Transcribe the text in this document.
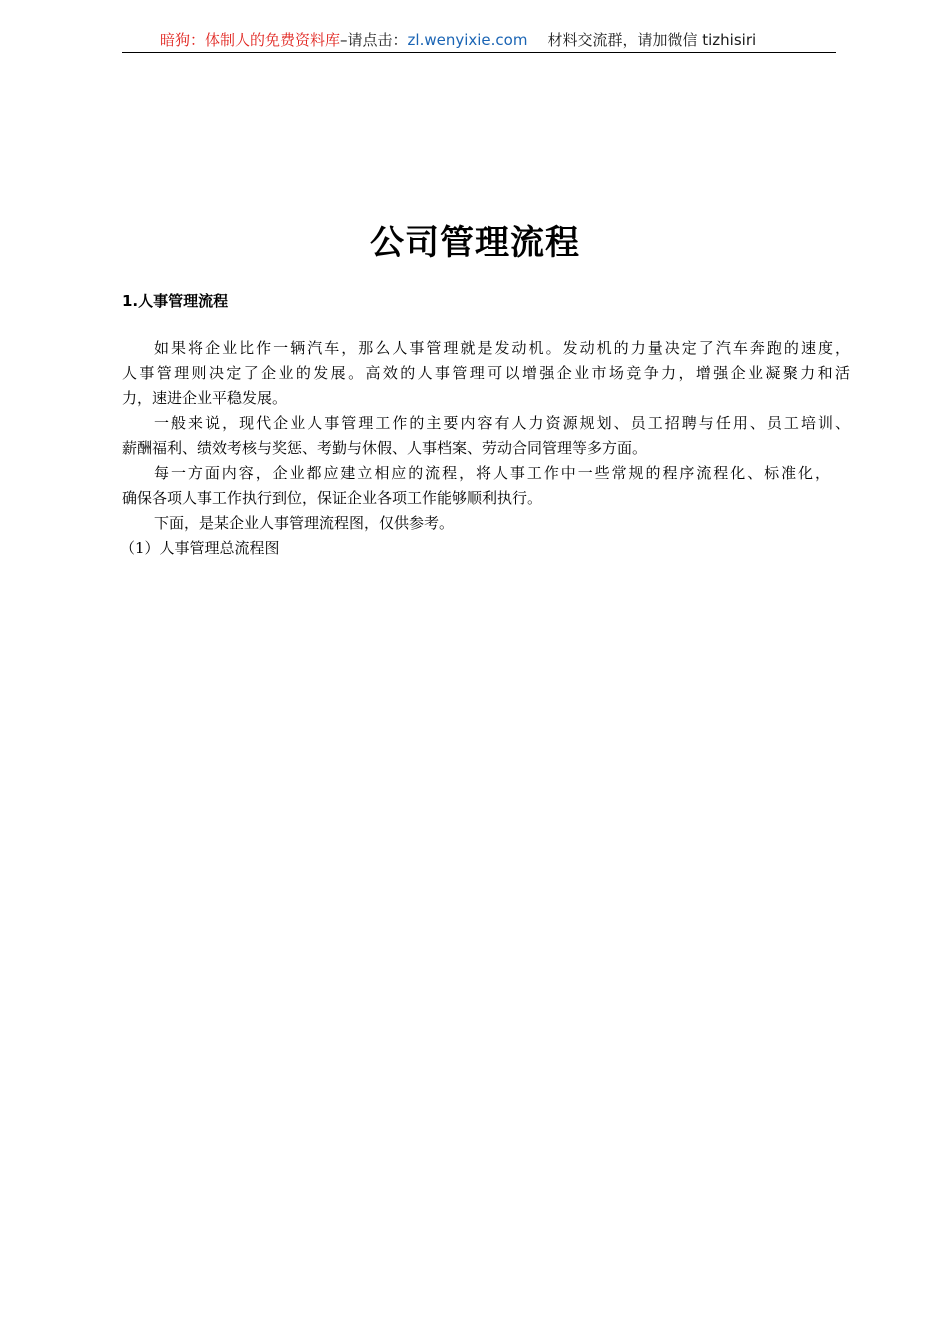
暗狗：体制人的免费资料库–请点击：zl.wenyixie.com 材料交流群，请加微信 tizhisiri
公司管理流程
1.人事管理流程
如果将企业比作一辆汽车，那么人事管理就是发动机。发动机的力量决定了汽车奔跑的速度，
人事管理则决定了企业的发展。高效的人事管理可以增强企业市场竞争力，增强企业凝聚力和活
力，速进企业平稳发展。
一般来说，现代企业人事管理工作的主要内容有人力资源规划、员工招聘与任用、员工培训、
薪酬福利、绩效考核与奖惩、考勤与休假、人事档案、劳动合同管理等多方面。
每一方面内容，企业都应建立相应的流程，将人事工作中一些常规的程序流程化、标准化，
确保各项人事工作执行到位，保证企业各项工作能够顺利执行。
下面，是某企业人事管理流程图，仅供参考。
（1）人事管理总流程图
